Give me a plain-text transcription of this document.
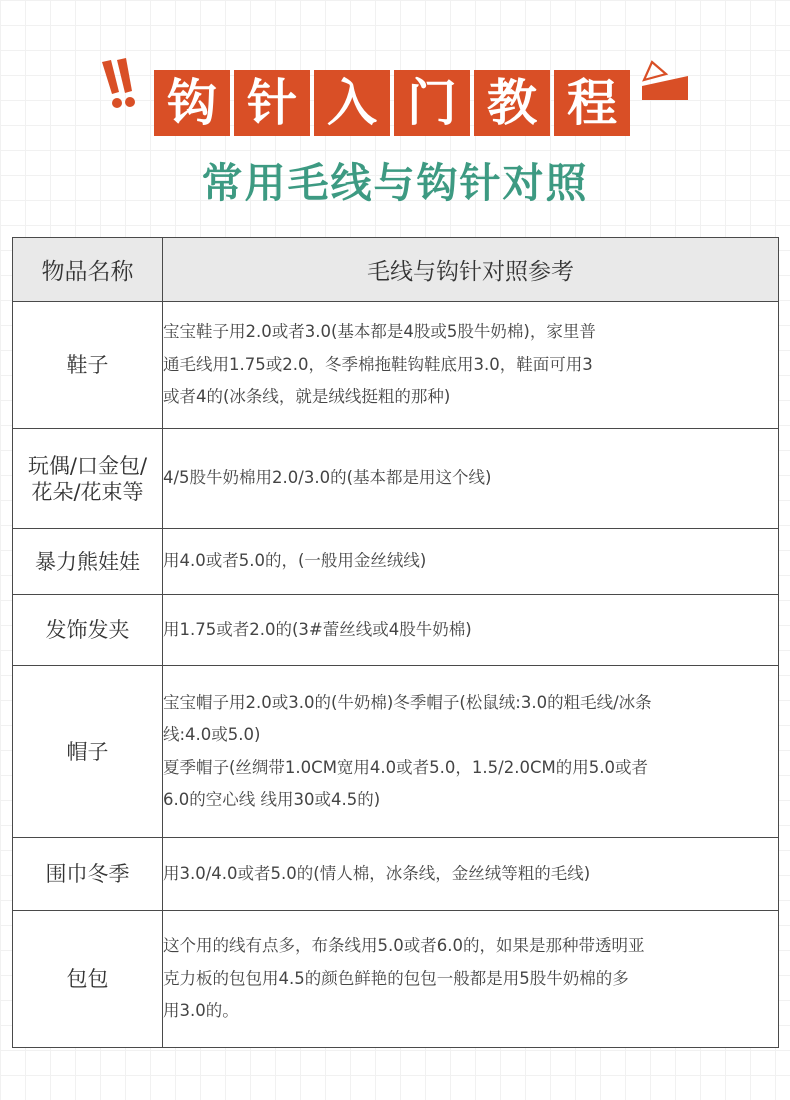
钩 针 入 门 教 程
常用毛线与钩针对照
物品名称	毛线与钩针对照参考
鞋子	宝宝鞋子用2.0或者3.0(基本都是4股或5股牛奶棉)，家里普
通毛线用1.75或2.0，冬季棉拖鞋钩鞋底用3.0，鞋面可用3
或者4的(冰条线，就是绒线挺粗的那种)

玩偶/口金包/
花朵/花束等	4/5股牛奶棉用2.0/3.0的(基本都是用这个线)

暴力熊娃娃	用4.0或者5.0的，(一般用金丝绒线)

发饰发夹	用1.75或者2.0的(3#蕾丝线或4股牛奶棉)

帽子	宝宝帽子用2.0或3.0的(牛奶棉)冬季帽子(松鼠绒:3.0的粗毛线/冰条
线:4.0或5.0)
夏季帽子(丝绸带1.0CM宽用4.0或者5.0，1.5/2.0CM的用5.0或者
6.0的空心线 线用30或4.5的)

围巾冬季	用3.0/4.0或者5.0的(情人棉，冰条线，金丝绒等粗的毛线)

包包	这个用的线有点多，布条线用5.0或者6.0的，如果是那种带透明亚
克力板的包包用4.5的颜色鲜艳的包包一般都是用5股牛奶棉的多
用3.0的。
